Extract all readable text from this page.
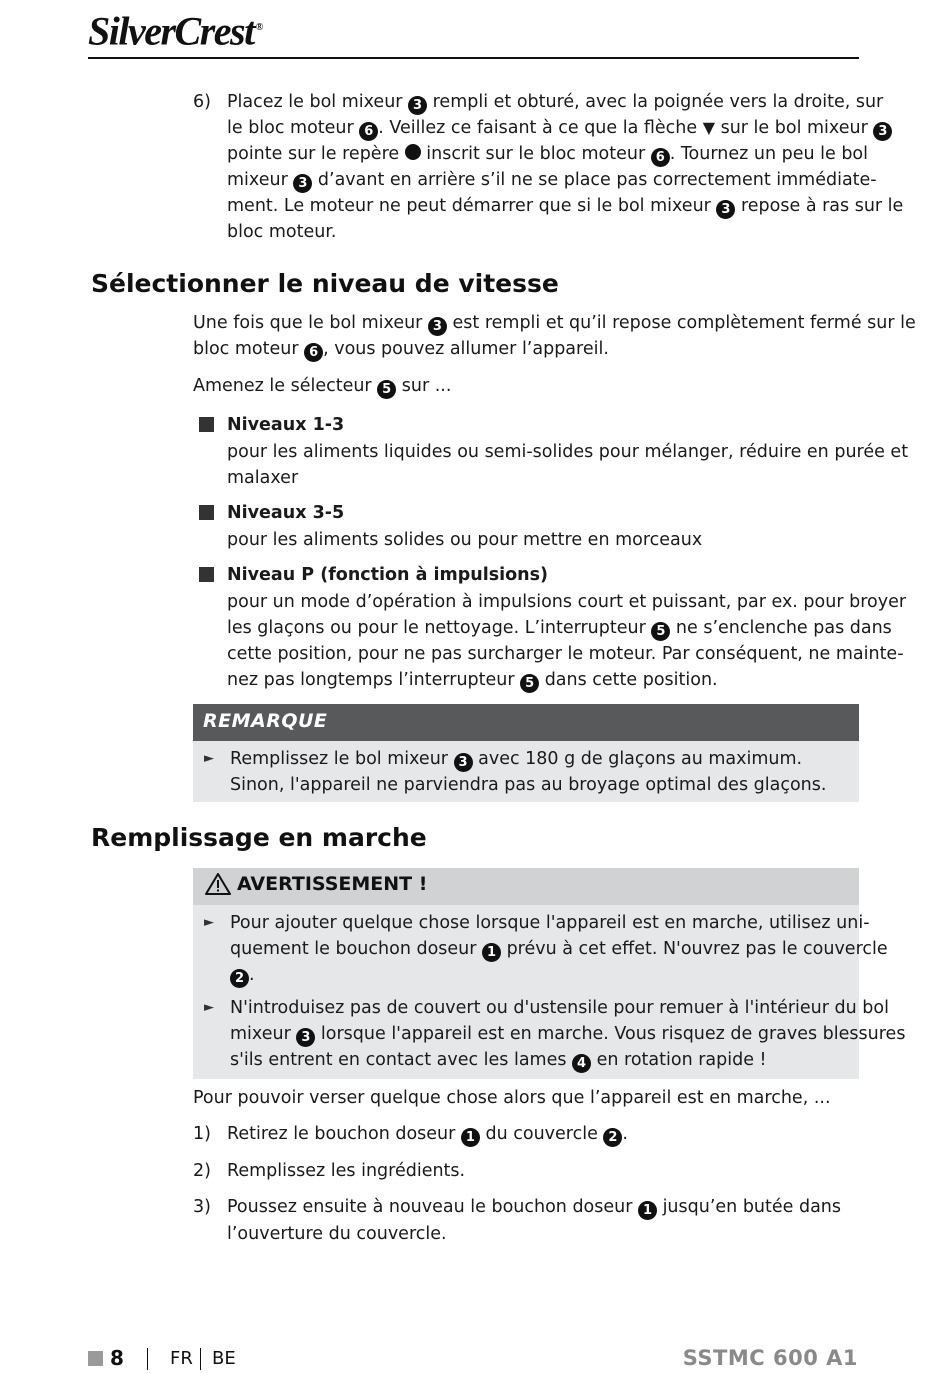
SilverCrest ®
6)
Sélectionner le niveau de vitesse
Amenez le sélecteur 5 sur ...
Niveaux 1-3
pour les aliments liquides ou semi-solides pour mélanger, réduire en purée et
malaxer
Niveaux 3-5
pour les aliments solides ou pour mettre en morceaux
Niveau P (fonction à impulsions)
REMARQUE
►
Remplissage en marche
AVERTISSEMENT !
►
►
Pour pouvoir verser quelque chose alors que l’appareil est en marche, ...
1)
2)
3)
8	FR BE	SSTMC 600 A1
Placez le bol mixeur 3 rempli et obturé, avec la poignée vers la droite, sur
le bloc moteur 6 . Veillez ce faisant à ce que la flèche ▼ sur le bol mixeur 3
pointe sur le repère  inscrit sur le bloc moteur 6 . Tournez un peu le bol
mixeur 3 d’avant en arrière s’il ne se place pas correctement immédiate-
ment. Le moteur ne peut démarrer que si le bol mixeur 3 repose à ras sur le
bloc moteur.
Une fois que le bol mixeur 3 est rempli et qu’il repose complètement fermé sur le
bloc moteur 6 , vous pouvez allumer l’appareil.
pour un mode d’opération à impulsions court et puissant, par ex. pour broyer
les glaçons ou pour le nettoyage. L’interrupteur 5 ne s’enclenche pas dans
cette position, pour ne pas surcharger le moteur. Par conséquent, ne mainte-
nez pas longtemps l’interrupteur 5 dans cette position.
Remplissez le bol mixeur 3 avec 180 g de glaçons au maximum.
Sinon, l'appareil ne parviendra pas au broyage optimal des glaçons.
Pour ajouter quelque chose lorsque l'appareil est en marche, utilisez uni-
quement le bouchon doseur 1 prévu à cet effet. N'ouvrez pas le couvercle
2 .
N'introduisez pas de couvert ou d'ustensile pour remuer à l'intérieur du bol
mixeur 3 lorsque l'appareil est en marche. Vous risquez de graves blessures
s'ils entrent en contact avec les lames 4 en rotation rapide !
Retirez le bouchon doseur 1 du couvercle 2 .
Remplissez les ingrédients.
Poussez ensuite à nouveau le bouchon doseur 1 jusqu’en butée dans
l’ouverture du couvercle.
